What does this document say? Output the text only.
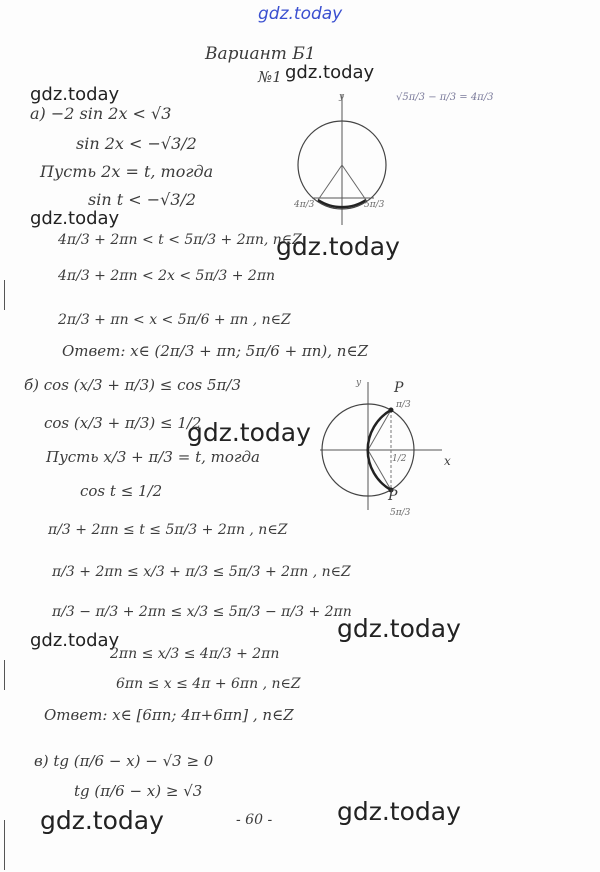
gdz.today
gdz.today
gdz.today
gdz.today
gdz.today
gdz.today
gdz.today
gdz.today
gdz.today
gdz.today
Вариант Б1
№1
√5π/3 − π/3 = 4π/3
а) −2 sin 2x < √3
sin 2x < −√3/2
Пусть 2x = t, тогда
sin t < −√3/2
4π/3 + 2πn < t < 5π/3 + 2πn, n∈Z
4π/3 + 2πn < 2x < 5π/3 + 2πn
2π/3 + πn < x < 5π/6 + πn , n∈Z
Ответ: x∈ (2π/3 + πn; 5π/6 + πn), n∈Z
y
4π/3	5π/3
б) cos (x/3 + π/3) ≤ cos 5π/3
cos (x/3 + π/3) ≤ 1/2
Пусть x/3 + π/3 = t, тогда
cos t ≤ 1/2
π/3 + 2πn ≤ t ≤ 5π/3 + 2πn , n∈Z
π/3 + 2πn ≤ x/3 + π/3 ≤ 5π/3 + 2πn , n∈Z
π/3 − π/3 + 2πn ≤ x/3 ≤ 5π/3 − π/3 + 2πn
2πn ≤ x/3 ≤ 4π/3 + 2πn
6πn ≤ x ≤ 4π + 6πn , n∈Z
Ответ: x∈ [6πn; 4π+6πn] , n∈Z
y
x
P
π/3
P
5π/3
1/2
в) tg (π/6 − x) − √3 ≥ 0
tg (π/6 − x) ≥ √3
- 60 -
